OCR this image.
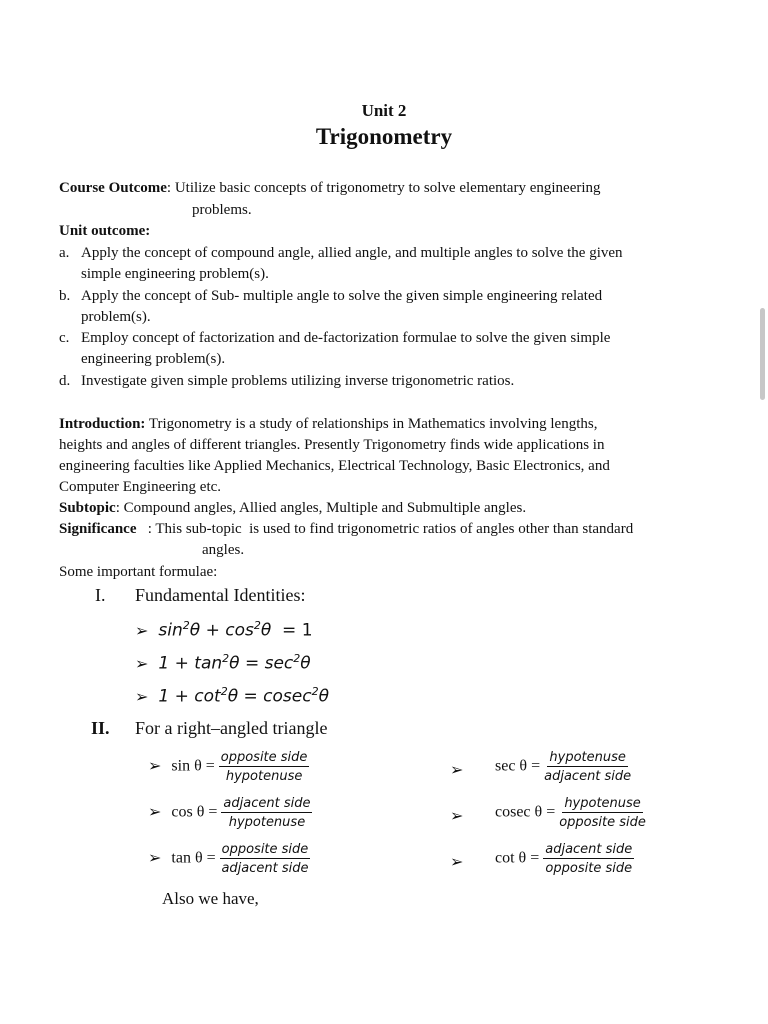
Unit 2
Trigonometry
Course Outcome: Utilize basic concepts of trigonometry to solve elementary engineering
problems.
Unit outcome:
a. Apply the concept of compound angle, allied angle, and multiple angles to solve the given
simple engineering problem(s).
b. Apply the concept of Sub- multiple angle to solve the given simple engineering related
problem(s).
c. Employ concept of factorization and de-factorization formulae to solve the given simple
engineering problem(s).
d. Investigate given simple problems utilizing inverse trigonometric ratios.
Introduction: Trigonometry is a study of relationships in Mathematics involving lengths,
heights and angles of different triangles. Presently Trigonometry finds wide applications in
engineering faculties like Applied Mechanics, Electrical Technology, Basic Electronics, and
Computer Engineering etc.
Subtopic: Compound angles, Allied angles, Multiple and Submultiple angles.
Significance   : This sub-topic  is used to find trigonometric ratios of angles other than standard
angles.
Some important formulae:
I. Fundamental Identities:
➢ $\sin^2\theta + \cos^2\theta = 1$
➢ $1 + \tan^2\theta = \sec^2\theta$
➢ $1 + \cot^2\theta = cosec^2\theta$
II. For a right–angled triangle
➢ $\sin \theta = \frac{\text{opposite side}}{\text{hypotenuse}}$
➢ $\cos \theta = \frac{\text{adjacent side}}{\text{hypotenuse}}$
➢ $\tan \theta = \frac{\text{opposite side}}{\text{adjacent side}}$
➢ $\sec \theta = \frac{\text{hypotenuse}}{\text{adjacent side}}$
➢ cosec $\theta = \frac{\text{hypotenuse}}{\text{opposite side}}$
➢ $\cot \theta = \frac{\text{adjacent side}}{\text{opposite side}}$
Also we have,
